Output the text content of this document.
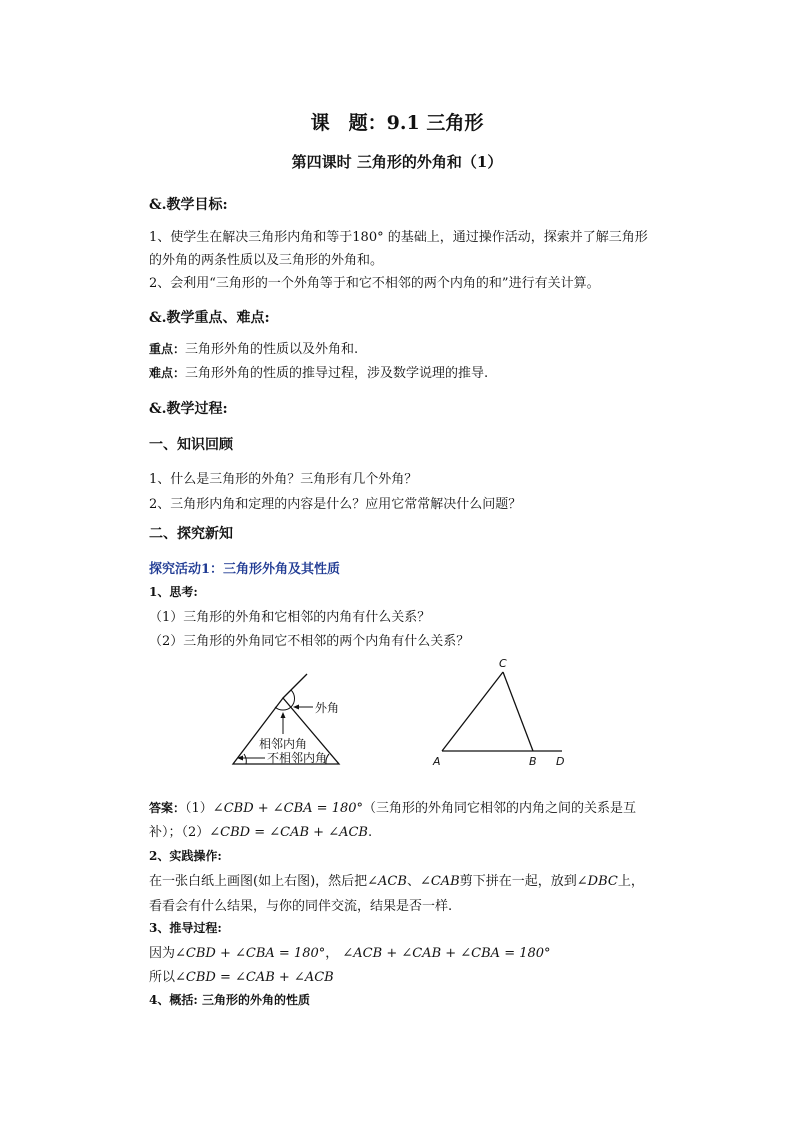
课　题：9.1 三角形
第四课时 三角形的外角和（1）
&.教学目标:
1、使学生在解决三角形内角和等于180° 的基础上，通过操作活动，探索并了解三角形
的外角的两条性质以及三角形的外角和。
2、会利用“三角形的一个外角等于和它不相邻的两个内角的和”进行有关计算。
&.教学重点、难点:
重点：三角形外角的性质以及外角和.
难点：三角形外角的性质的推导过程，涉及数学说理的推导.
&.教学过程:
一、知识回顾
1、什么是三角形的外角？三角形有几个外角？
2、三角形内角和定理的内容是什么？应用它常常解决什么问题？
二、探究新知
探究活动1：三角形外角及其性质
1、思考:
（1）三角形的外角和它相邻的内角有什么关系？
（2）三角形的外角同它不相邻的两个内角有什么关系？
外角
相邻内角
不相邻内角
C
A	B D
答案：（1）∠CBD + ∠CBA = 180°（三角形的外角同它相邻的内角之间的关系是互
补）；（2）∠CBD = ∠CAB + ∠ACB.
2、实践操作:
在一张白纸上画图(如上右图)，然后把∠ACB、∠CAB剪下拼在一起，放到∠DBC上，
看看会有什么结果，与你的同伴交流，结果是否一样.
3、推导过程:
因为∠CBD + ∠CBA = 180°， ∠ACB + ∠CAB + ∠CBA = 180°
所以∠CBD = ∠CAB + ∠ACB
4、概括: 三角形的外角的性质
